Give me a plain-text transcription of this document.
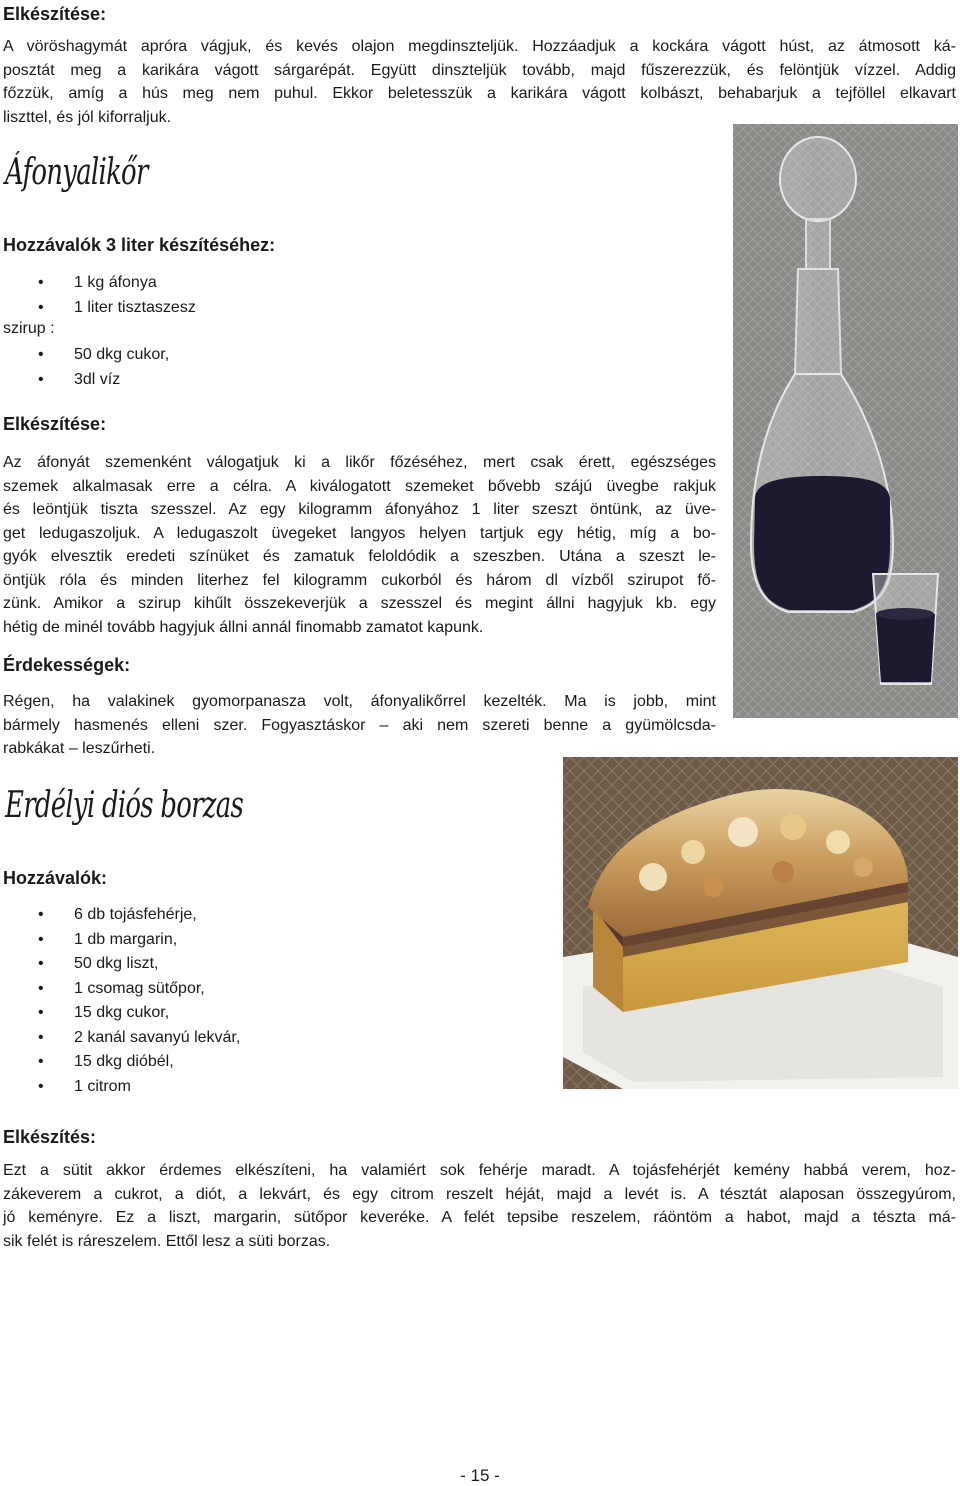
Elkészítése:
A vöröshagymát apróra vágjuk, és kevés olajon megdinszteljük. Hozzáadjuk a kockára vágott húst, az átmosott ká-
posztát meg a karikára vágott sárgarépát. Együtt dinszteljük tovább, majd fűszerezzük, és felöntjük vízzel. Addig
főzzük, amíg a hús meg nem puhul. Ekkor beletesszük a karikára vágott kolbászt, behabarjuk a tejföllel elkavart
liszttel, és jól kiforraljuk.
Áfonyalikőr
Hozzávalók 3 liter készítéséhez:
• 1 kg áfonya
• 1 liter tisztaszesz
szirup :
• 50 dkg cukor,
• 3dl víz
Elkészítése:
Az áfonyát szemenként válogatjuk ki a likőr főzéséhez, mert csak érett, egészséges
szemek alkalmasak erre a célra. A kiválogatott szemeket bővebb szájú üvegbe rakjuk
és leöntjük tiszta szesszel. Az egy kilogramm áfonyához 1 liter szeszt öntünk, az üve-
get ledugaszoljuk. A ledugaszolt üvegeket langyos helyen tartjuk egy hétig, míg a bo-
gyók elvesztik eredeti színüket és zamatuk feloldódik a szeszben. Utána a szeszt le-
öntjük róla és minden literhez fel kilogramm cukorból és három dl vízből szirupot fő-
zünk. Amikor a szirup kihűlt összekeverjük a szesszel és megint állni hagyjuk kb. egy
hétig de minél tovább hagyjuk állni annál finomabb zamatot kapunk.
Érdekességek:
Régen, ha valakinek gyomorpanasza volt, áfonyalikőrrel kezelték. Ma is jobb, mint
bármely hasmenés elleni szer. Fogyasztáskor – aki nem szereti benne a gyümölcsda-
rabkákat – leszűrheti.
Erdélyi diós borzas
Hozzávalók:
• 6 db tojásfehérje,
• 1 db margarin,
• 50 dkg liszt,
• 1 csomag sütőpor,
• 15 dkg cukor,
• 2 kanál savanyú lekvár,
• 15 dkg dióbél,
• 1 citrom
Elkészítés:
Ezt a sütit akkor érdemes elkészíteni, ha valamiért sok fehérje maradt. A tojásfehérjét kemény habbá verem, hoz-
zákeverem a cukrot, a diót, a lekvárt, és egy citrom reszelt héját, majd a levét is. A tésztát alaposan összegyúrom,
jó keményre. Ez a liszt, margarin, sütőpor keveréke. A felét tepsibe reszelem, ráöntöm a habot, majd a tészta má-
sik felét is ráreszelem. Ettől lesz a süti borzas.
- 15 -
